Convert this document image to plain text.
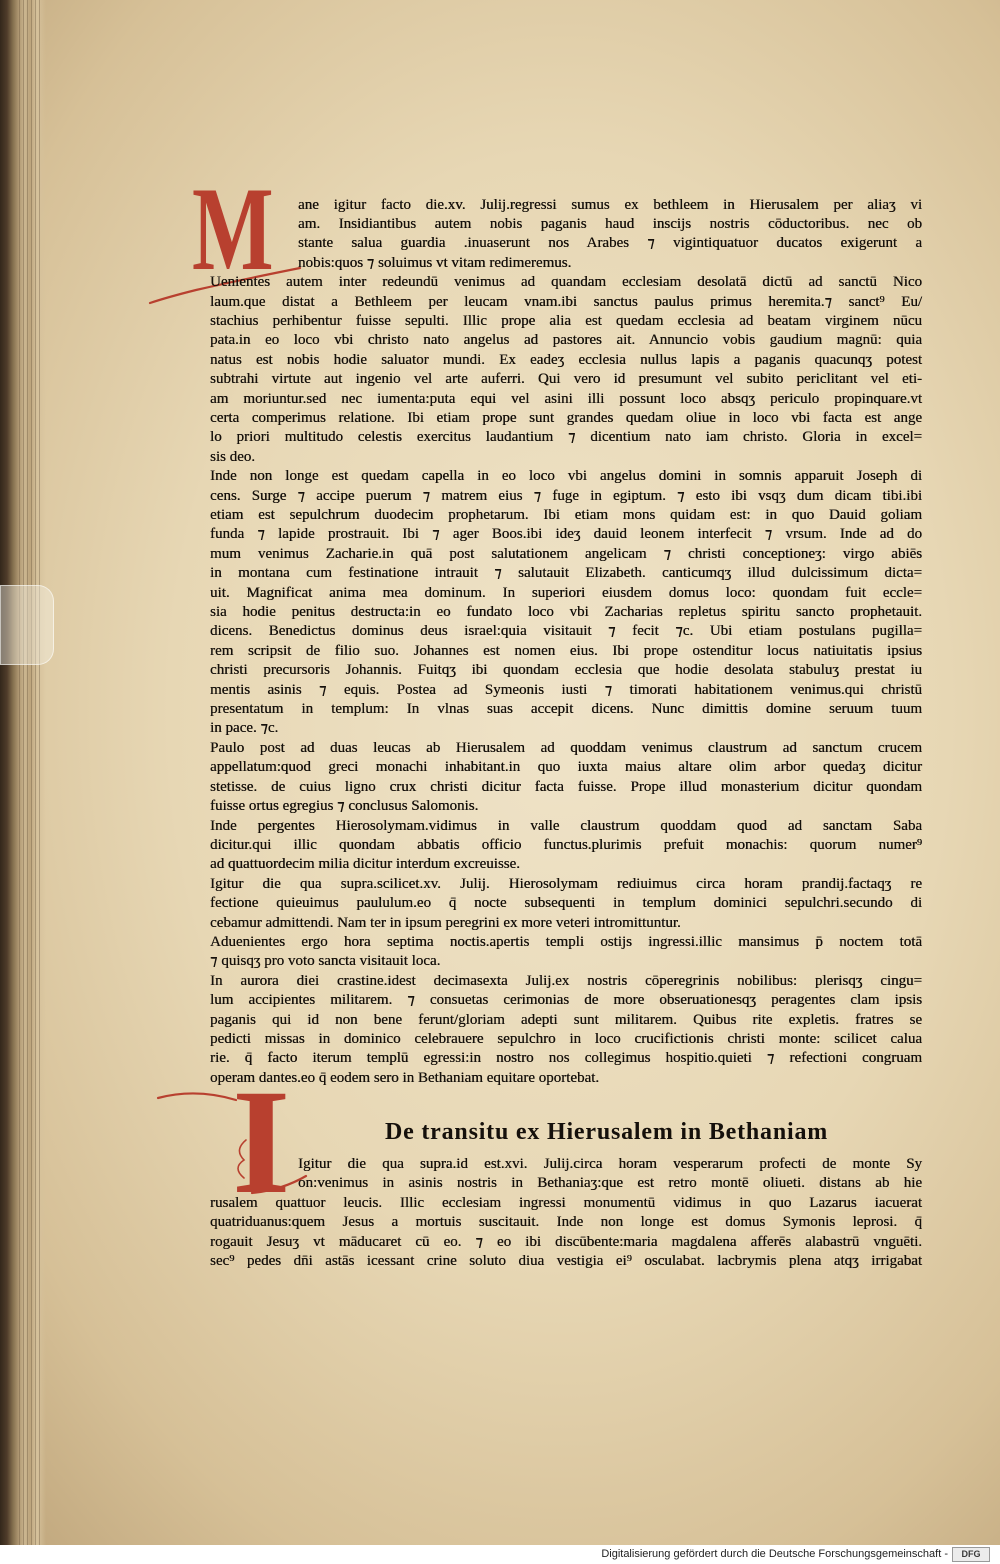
M ane igitur facto die.xv. Julij.regressi sumus ex bethleem in Hierusalem per aliaʒ vi
am. Insidiantibus autem nobis paganis haud inscijs nostris cōductoribus. nec ob
stante salua guardia .inuaserunt nos Arabes ⁊ vigintiquatuor ducatos exigerunt a
nobis:quos ⁊ soluimus vt vitam redimeremus.
Uenientes autem inter redeundū venimus ad quandam ecclesiam desolatā dictū ad sanctū Nico
laum.que distat a Bethleem per leucam vnam.ibi sanctus paulus primus heremita.⁊ sanct⁹ Eu/
stachius perhibentur fuisse sepulti. Illic prope alia est quedam ecclesia ad beatam virginem nūcu
pata.in eo loco vbi christo nato angelus ad pastores ait. Annuncio vobis gaudium magnū: quia
natus est nobis hodie saluator mundi. Ex eadeʒ ecclesia nullus lapis a paganis quacunqʒ potest
subtrahi virtute aut ingenio vel arte auferri. Qui vero id presumunt vel subito periclitant vel eti-
am moriuntur.sed nec iumenta:puta equi vel asini illi possunt loco absqʒ periculo propinquare.vt
certa comperimus relatione. Ibi etiam prope sunt grandes quedam oliue in loco vbi facta est ange
lo priori multitudo celestis exercitus laudantium ⁊ dicentium nato iam christo. Gloria in excel=
sis deo.
Inde non longe est quedam capella in eo loco vbi angelus domini in somnis apparuit Joseph di
cens. Surge ⁊ accipe puerum ⁊ matrem eius ⁊ fuge in egiptum. ⁊ esto ibi vsqʒ dum dicam tibi.ibi
etiam est sepulchrum duodecim prophetarum. Ibi etiam mons quidam est: in quo Dauid goliam
funda ⁊ lapide prostrauit. Ibi ⁊ ager Boos.ibi ideʒ dauid leonem interfecit ⁊ vrsum. Inde ad do
mum venimus Zacharie.in quā post salutationem angelicam ⁊ christi conceptioneʒ: virgo abiēs
in montana cum festinatione intrauit ⁊ salutauit Elizabeth. canticumqʒ illud dulcissimum dicta=
uit. Magnificat anima mea dominum. In superiori eiusdem domus loco: quondam fuit eccle=
sia hodie penitus destructa:in eo fundato loco vbi Zacharias repletus spiritu sancto prophetauit.
dicens. Benedictus dominus deus israel:quia visitauit ⁊ fecit ⁊c. Ubi etiam postulans pugilla=
rem scripsit de filio suo. Johannes est nomen eius. Ibi prope ostenditur locus natiuitatis ipsius
christi precursoris Johannis. Fuitqʒ ibi quondam ecclesia que hodie desolata stabuluʒ prestat iu
mentis asinis ⁊ equis. Postea ad Symeonis iusti ⁊ timorati habitationem venimus.qui christū
presentatum in templum: In vlnas suas accepit dicens. Nunc dimittis domine seruum tuum
in pace. ⁊c.
Paulo post ad duas leucas ab Hierusalem ad quoddam venimus claustrum ad sanctum crucem
appellatum:quod greci monachi inhabitant.in quo iuxta maius altare olim arbor quedaʒ dicitur
stetisse. de cuius ligno crux christi dicitur facta fuisse. Prope illud monasterium dicitur quondam
fuisse ortus egregius ⁊ conclusus Salomonis.
Inde pergentes Hierosolymam.vidimus in valle claustrum quoddam quod ad sanctam Saba
dicitur.qui illic quondam abbatis officio functus.plurimis prefuit monachis: quorum numer⁹
ad quattuordecim milia dicitur interdum excreuisse.
Igitur die qua supra.scilicet.xv. Julij. Hierosolymam rediuimus circa horam prandij.factaqʒ re
fectione quieuimus paululum.eo q̄ nocte subsequenti in templum dominici sepulchri.secundo di
cebamur admittendi. Nam ter in ipsum peregrini ex more veteri intromittuntur.
Aduenientes ergo hora septima noctis.apertis templi ostijs ingressi.illic mansimus p̄ noctem totā
⁊ quisqʒ pro voto sancta visitauit loca.
In aurora diei crastine.idest decimasexta Julij.ex nostris cōperegrinis nobilibus: plerisqʒ cingu=
lum accipientes militarem. ⁊ consuetas cerimonias de more obseruationesqʒ peragentes clam ipsis
paganis qui id non bene ferunt/gloriam adepti sunt militarem. Quibus rite expletis. fratres se
pedicti missas in dominico celebrauere sepulchro in loco crucifictionis christi monte: scilicet calua
rie. q̄ facto iterum templū egressi:in nostro nos collegimus hospitio.quieti ⁊ refectioni congruam
operam dantes.eo q̄ eodem sero in Bethaniam equitare oportebat.
De transitu ex Hierusalem in Bethaniam
I Igitur die qua supra.id est.xvi. Julij.circa horam vesperarum profecti de monte Sy
on:venimus in asinis nostris in Bethaniaʒ:que est retro montē oliueti. distans ab hie
rusalem quattuor leucis. Illic ecclesiam ingressi monumentū vidimus in quo Lazarus iacuerat
quatriduanus:quem Jesus a mortuis suscitauit. Inde non longe est domus Symonis leprosi. q̄
rogauit Jesuʒ vt māducaret cū eo. ⁊ eo ibi discūbente:maria magdalena afferēs alabastrū vnguēti.
sec⁹ pedes dn̄i astās icessant crine soluto diua vestigia ei⁹ osculabat. lacbrymis plena atqʒ irrigabat
Digitalisierung gefördert durch die Deutsche Forschungsgemeinschaft -	DFG
